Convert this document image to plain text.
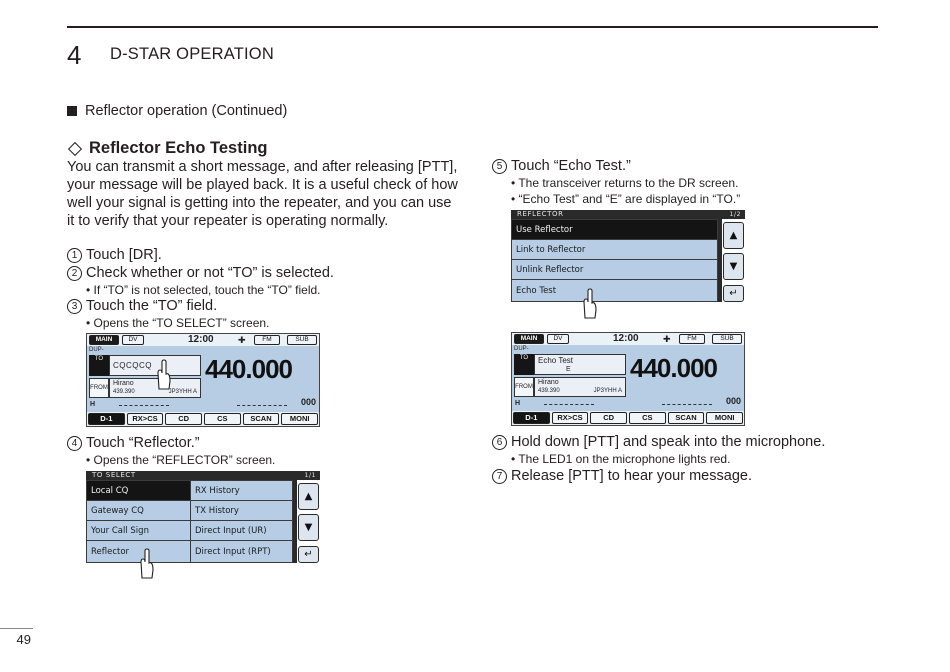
4 D-STAR OPERATION
Reflector operation (Continued)
Reflector Echo Testing
You can transmit a short message, and after releasing [PTT], your message will be played back. It is a useful check of how well your signal is getting into the repeater, and you can use it to verify that your repeater is operating normally.
1 Touch [DR].
2 Check whether or not “TO” is selected.
• If “TO” is not selected, touch the “TO” field.
3 Touch the “TO” field.
• Opens the “TO SELECT” screen.
MAIN	DV	12:00	✚	FM	SUB
DUP-
TO
CQCQCQ
FROM
Hirano
439.390	JP3YHH A
440.000
H	000
D-1	RX>CS	CD	CS	SCAN	MONI
4 Touch “Reflector.”
• Opens the “REFLECTOR” screen.
TO SELECT	1/1
Local CQ
Gateway CQ
Your Call Sign
Reflector
RX History
TX History
Direct Input (UR)
Direct Input (RPT)
▲
▼
↵
5 Touch “Echo Test.”
• The transceiver returns to the DR screen.
• “Echo Test” and “E” are displayed in “TO.”
REFLECTOR	1/2
Use Reflector
Link to Reflector
Unlink Reflector
Echo Test
▲
▼
↵
MAIN	DV	12:00	✚	FM	SUB
DUP-
TO	Echo Test
E
FROM
Hirano
439.390	JP3YHH A
440.000
H	000
D-1	RX>CS	CD	CS	SCAN	MONI
6 Hold down [PTT] and speak into the microphone.
• The LED1 on the microphone lights red.
7 Release [PTT] to hear your message.
49
